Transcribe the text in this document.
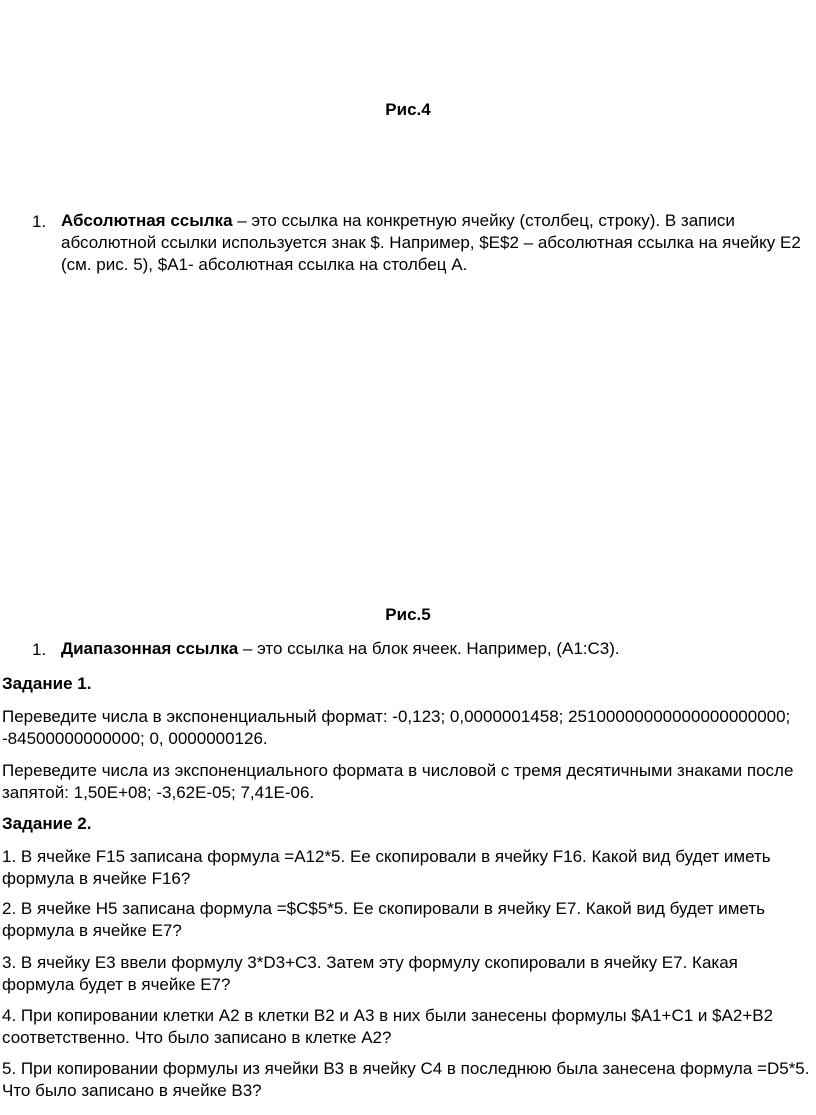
Рис.4
1. Абсолютная ссылка – это ссылка на конкретную ячейку (столбец, строку). В записи абсолютной ссылки используется знак $. Например, $E$2 – абсолютная ссылка на ячейку E2 (см. рис. 5), $A1- абсолютная ссылка на столбец А.
Рис.5
1. Диапазонная ссылка – это ссылка на блок ячеек. Например, (А1:С3).
Задание 1.
Переведите числа в экспоненциальный формат: -0,123; 0,0000001458; 25100000000000000000000; -84500000000000; 0, 0000000126.
Переведите числа из экспоненциального формата в числовой с тремя десятичными знаками после запятой: 1,50Е+08; -3,62Е-05; 7,41Е-06.
Задание 2.
1. В ячейке F15 записана формула =A12*5. Ее скопировали в ячейку F16. Какой вид будет иметь формула в ячейке F16?
2. В ячейке H5 записана формула =$C$5*5. Ее скопировали в ячейку E7. Какой вид будет иметь формула в ячейке E7?
3. В ячейку E3 ввели формулу 3*D3+C3. Затем эту формулу скопировали в ячейку E7. Какая формула будет в ячейке E7?
4. При копировании клетки А2 в клетки В2 и А3 в них были занесены формулы $A1+C1 и $A2+B2 соответственно. Что было записано в клетке А2?
5. При копировании формулы из ячейки В3 в ячейку С4 в последнюю была занесена формула =D5*5. Что было записано в ячейке В3?
